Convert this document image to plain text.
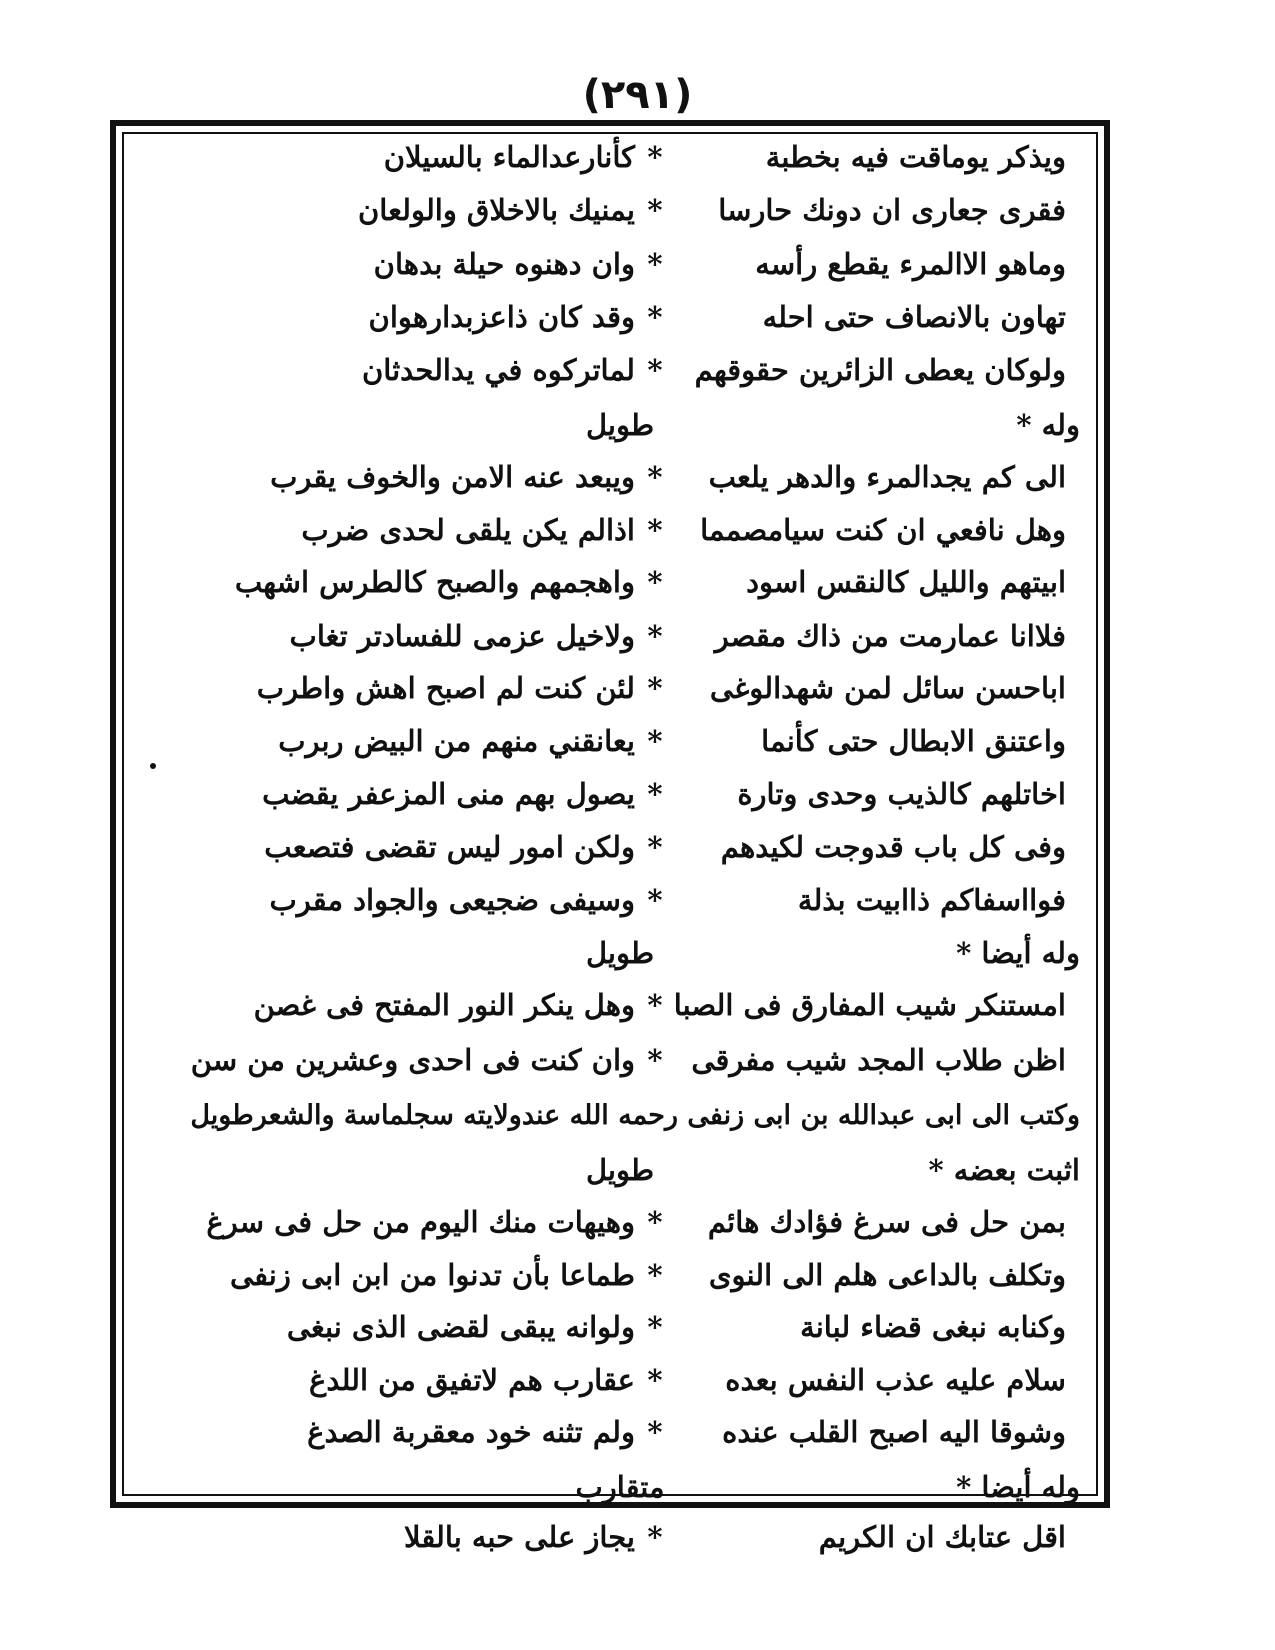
(٢٩١)
ويذكر يوماقت فيه بخطبة
*
كأنارعدالماء بالسيلان
فقرى جعارى ان دونك حارسا
*
يمنيك بالاخلاق والولعان
وماهو الاالمرء يقطع رأسه
*
وان دهنوه حيلة بدهان
تهاون بالانصاف حتى احله
*
وقد كان ذاعزبدارهوان
ولوكان يعطى الزائرين حقوقهم
*
لماتركوه في يدالحدثان
وله *
طويل
الى كم يجدالمرء والدهر يلعب
*
ويبعد عنه الامن والخوف يقرب
وهل نافعي ان كنت سيامصمما
*
اذالم يكن يلقى لحدى ضرب
ابيتهم والليل كالنقس اسود
*
واهجمهم والصبح كالطرس اشهب
فلاانا عمارمت من ذاك مقصر
*
ولاخيل عزمى للفسادتر تغاب
اباحسن سائل لمن شهدالوغى
*
لئن كنت لم اصبح اهش واطرب
واعتنق الابطال حتى كأنما
*
يعانقني منهم من البيض ربرب
اخاتلهم كالذيب وحدى وتارة
*
يصول بهم منى المزعفر يقضب
وفى كل باب قدوجت لكيدهم
*
ولكن امور ليس تقضى فتصعب
فوااسفاكم ذاابيت بذلة
*
وسيفى ضجيعى والجواد مقرب
وله أيضا *
طويل
امستنكر شيب المفارق فى الصبا
*
وهل ينكر النور المفتح فى غصن
اظن طلاب المجد شيب مفرقى
*
وان كنت فى احدى وعشرين من سن
وكتب الى ابى عبدالله بن ابى زنفى رحمه الله عندولايته سجلماسة والشعرطويل
اثبت بعضه *
طويل
بمن حل فى سرغ فؤادك هائم
*
وهيهات منك اليوم من حل فى سرغ
وتكلف بالداعى هلم الى النوى
*
طماعا بأن تدنوا من ابن ابى زنفى
وكنابه نبغى قضاء لبانة
*
ولوانه يبقى لقضى الذى نبغى
سلام عليه عذب النفس بعده
*
عقارب هم لاتفيق من اللدغ
وشوقا اليه اصبح القلب عنده
*
ولم تثنه خود معقربة الصدغ
وله أيضا *
متقارب
اقل عتابك ان الكريم
*
يجاز على حبه بالقلا
